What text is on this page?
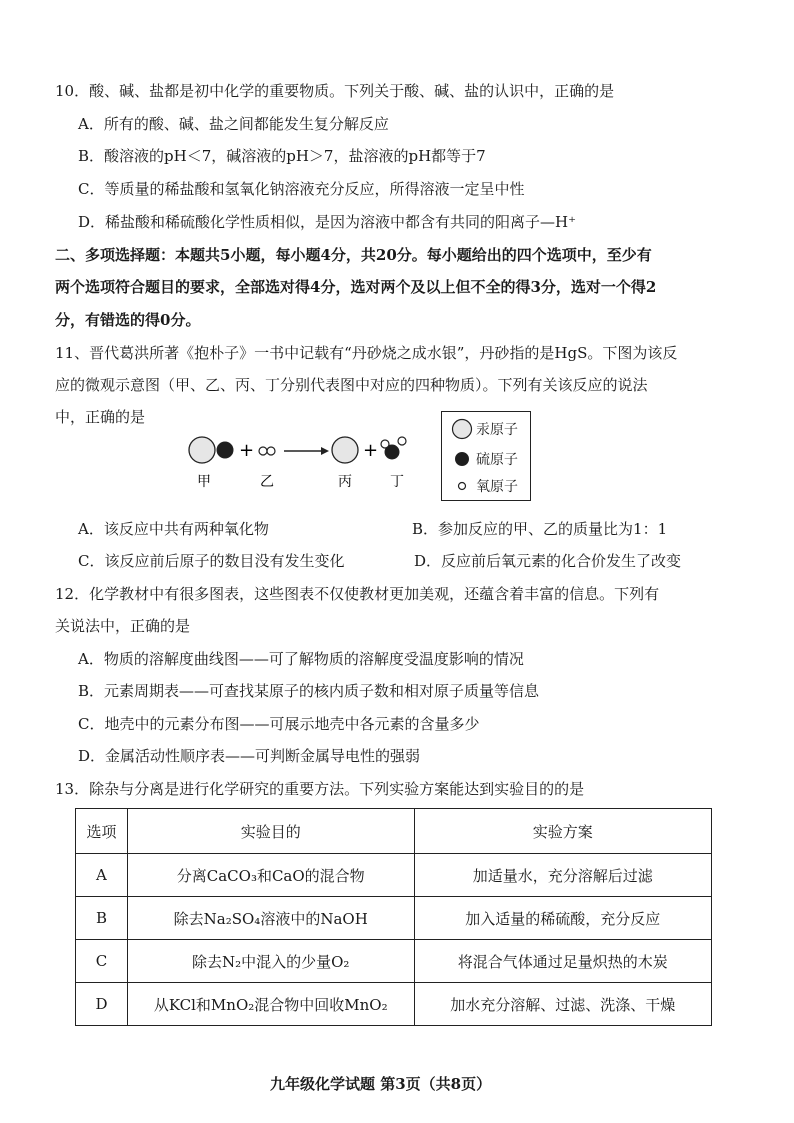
10．酸、碱、盐都是初中化学的重要物质。下列关于酸、碱、盐的认识中，正确的是
A．所有的酸、碱、盐之间都能发生复分解反应
B．酸溶液的pH＜7，碱溶液的pH＞7，盐溶液的pH都等于7
C．等质量的稀盐酸和氢氧化钠溶液充分反应，所得溶液一定呈中性
D．稀盐酸和稀硫酸化学性质相似，是因为溶液中都含有共同的阳离子—H⁺
二、多项选择题：本题共5小题，每小题4分，共20分。每小题给出的四个选项中，至少有
两个选项符合题目的要求，全部选对得4分，选对两个及以上但不全的得3分，选对一个得2
分，有错选的得0分。
11、晋代葛洪所著《抱朴子》一书中记载有“丹砂烧之成水银”，丹砂指的是HgS。下图为该反
应的微观示意图（甲、乙、丙、丁分别代表图中对应的四种物质）。下列有关该反应的说法
中，正确的是
+	+
甲	乙	丙	丁
汞原子
硫原子
氧原子
A．该反应中共有两种氧化物	B．参加反应的甲、乙的质量比为1：1
C．该反应前后原子的数目没有发生变化	D．反应前后氧元素的化合价发生了改变
12．化学教材中有很多图表，这些图表不仅使教材更加美观，还蕴含着丰富的信息。下列有
关说法中，正确的是
A．物质的溶解度曲线图——可了解物质的溶解度受温度影响的情况
B．元素周期表——可查找某原子的核内质子数和相对原子质量等信息
C．地壳中的元素分布图——可展示地壳中各元素的含量多少
D．金属活动性顺序表——可判断金属导电性的强弱
13．除杂与分离是进行化学研究的重要方法。下列实验方案能达到实验目的的是
选项	实验目的	实验方案
A	分离CaCO₃和CaO的混合物	加适量水，充分溶解后过滤
B	除去Na₂SO₄溶液中的NaOH	加入适量的稀硫酸，充分反应
C	除去N₂中混入的少量O₂	将混合气体通过足量炽热的木炭
D	从KCl和MnO₂混合物中回收MnO₂	加水充分溶解、过滤、洗涤、干燥
九年级化学试题 第3页（共8页）
